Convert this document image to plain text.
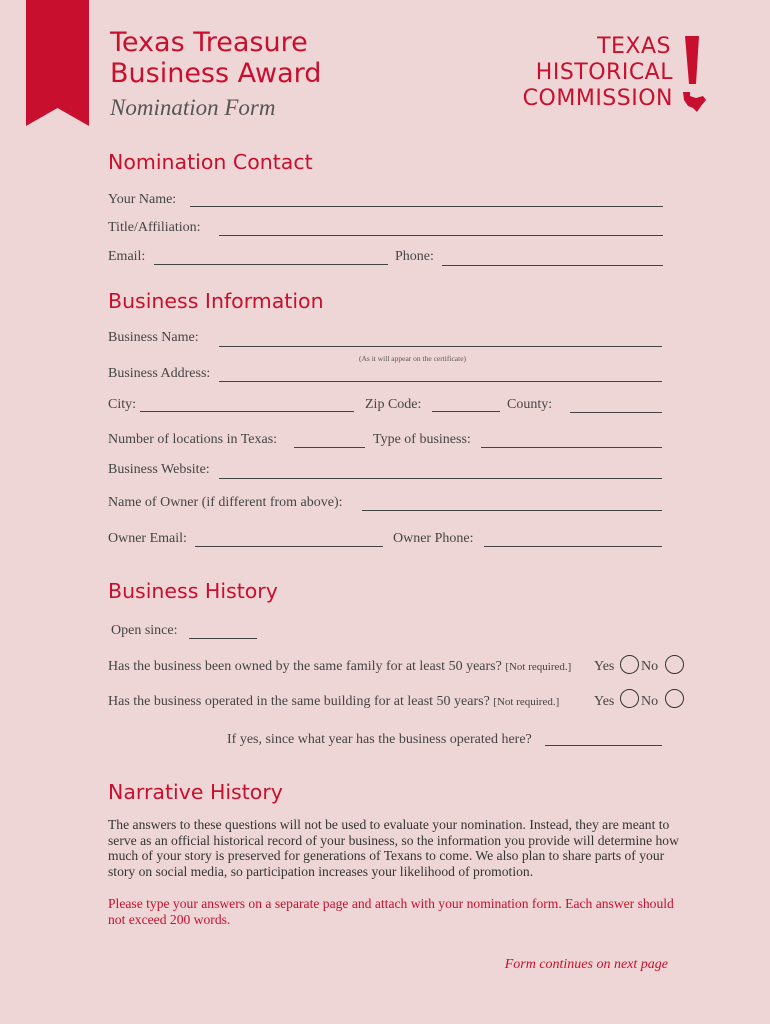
Texas Treasure
Business Award
Nomination Form
TEXAS
HISTORICAL
COMMISSION
Nomination Contact
Your Name:
Title/Affiliation:
Email:	Phone:
Business Information
Business Name:
(As it will appear on the certificate)
Business Address:
City:	Zip Code:	County:
Number of locations in Texas:	Type of business:
Business Website:
Name of Owner (if different from above):
Owner Email:	Owner Phone:
Business History
Open since:
Has the business been owned by the same family for at least 50 years? [Not required.] Yes No
Has the business operated in the same building for at least 50 years? [Not required.] Yes No
If yes, since what year has the business operated here?
Narrative History
The answers to these questions will not be used to evaluate your nomination. Instead, they are meant to serve as an official historical record of your business, so the information you provide will determine how much of your story is preserved for generations of Texans to come. We also plan to share parts of your story on social media, so participation increases your likelihood of promotion.
Please type your answers on a separate page and attach with your nomination form. Each answer should not exceed 200 words.
Form continues on next page
